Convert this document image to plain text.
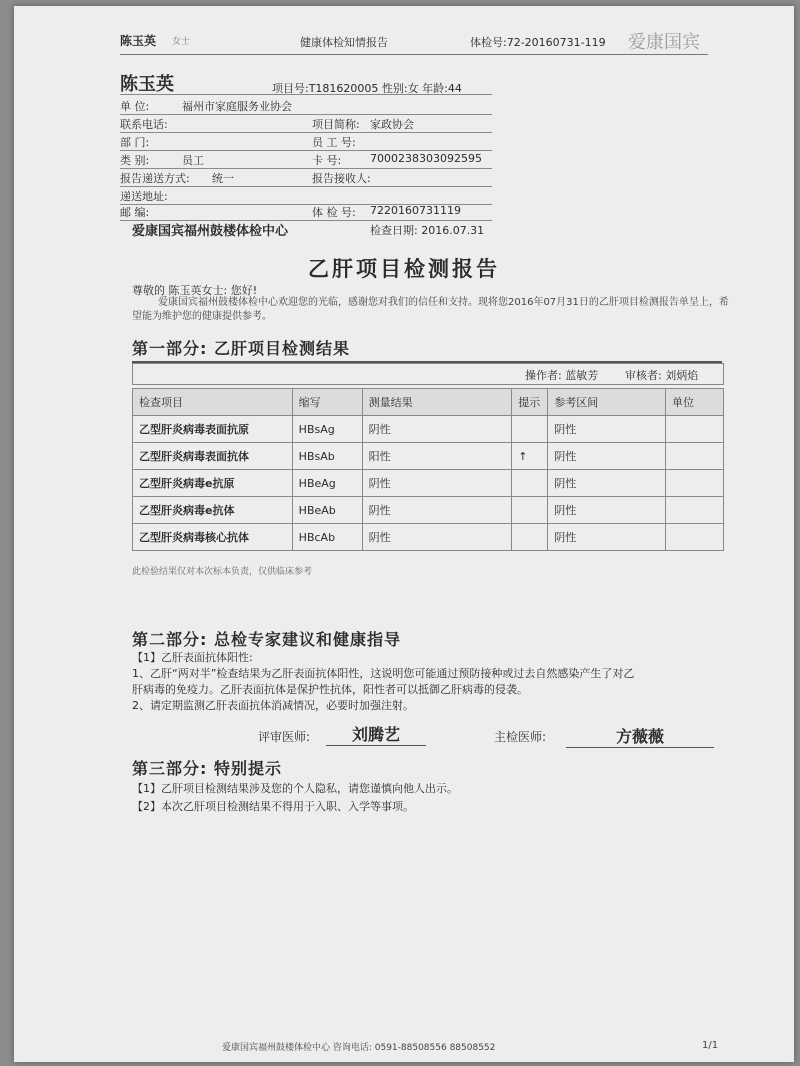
陈玉英 女士	健康体检知情报告	体检号:72-20160731-119 爱康国宾
陈玉英	项目号:T181620005 性别:女 年龄:44
单 位:	福州市家庭服务业协会
联系电话:	项目简称: 家政协会
部 门:	员 工 号:
类 别:	员工	卡 号:	7000238303092595
报告递送方式: 统一	报告接收人:
递送地址:
邮 编:	体 检 号: 7220160731119
爱康国宾福州鼓楼体检中心	检查日期: 2016.07.31
乙肝项目检测报告
尊敬的 陈玉英女士: 您好!
爱康国宾福州鼓楼体检中心欢迎您的光临，感谢您对我们的信任和支持。现将您2016年07月31日的乙肝项目检测报告单呈上，希望能为维护您的健康提供参考。
第一部分: 乙肝项目检测结果
操作者: 蓝敏芳 审核者: 刘炳焰
检查项目	缩写	测量结果	提示	参考区间	单位
乙型肝炎病毒表面抗原	HBsAg	阴性		阴性	
乙型肝炎病毒表面抗体	HBsAb	阳性	↑	阴性	
乙型肝炎病毒e抗原	HBeAg	阴性		阴性	
乙型肝炎病毒e抗体	HBeAb	阴性		阴性	
乙型肝炎病毒核心抗体	HBcAb	阴性		阴性	
此检验结果仅对本次标本负责，仅供临床参考
第二部分: 总检专家建议和健康指导
【1】乙肝表面抗体阳性:
1、乙肝“两对半”检查结果为乙肝表面抗体阳性，这说明您可能通过预防接种或过去自然感染产生了对乙
肝病毒的免疫力。乙肝表面抗体是保护性抗体，阳性者可以抵御乙肝病毒的侵袭。
2、请定期监测乙肝表面抗体消减情况，必要时加强注射。
评审医师:	刘腾艺	主检医师:	方薇薇
第三部分: 特别提示
【1】乙肝项目检测结果涉及您的个人隐私，请您谨慎向他人出示。
【2】本次乙肝项目检测结果不得用于入职、入学等事项。
爱康国宾福州鼓楼体检中心 咨询电话: 0591-88508556 88508552	1/1
